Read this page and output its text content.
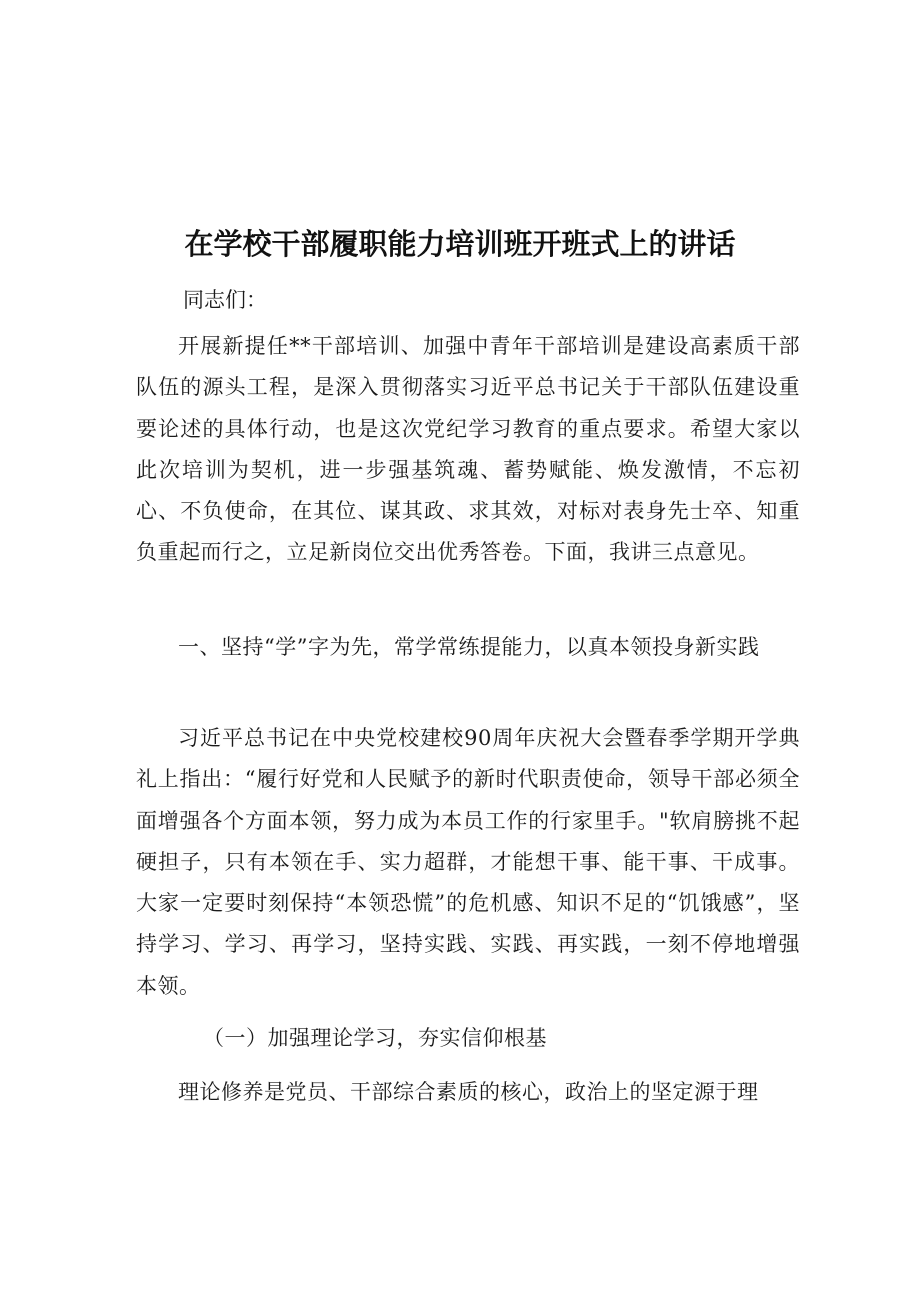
在学校干部履职能力培训班开班式上的讲话
同志们：
开展新提任**干部培训、加强中青年干部培训是建设高素质干部队伍的源头工程，是深入贯彻落实习近平总书记关于干部队伍建设重要论述的具体行动，也是这次党纪学习教育的重点要求。希望大家以此次培训为契机，进一步强基筑魂、蓄势赋能、焕发激情，不忘初心、不负使命，在其位、谋其政、求其效，对标对表身先士卒、知重负重起而行之，立足新岗位交出优秀答卷。下面，我讲三点意见。
一、坚持“学”字为先，常学常练提能力，以真本领投身新实践
习近平总书记在中央党校建校90周年庆祝大会暨春季学期开学典礼上指出：“履行好党和人民赋予的新时代职责使命，领导干部必须全面增强各个方面本领，努力成为本员工作的行家里手。"软肩膀挑不起硬担子，只有本领在手、实力超群，才能想干事、能干事、干成事。大家一定要时刻保持“本领恐慌”的危机感、知识不足的“饥饿感”，坚持学习、学习、再学习，坚持实践、实践、再实践，一刻不停地增强本领。
（一）加强理论学习，夯实信仰根基
理论修养是党员、干部综合素质的核心，政治上的坚定源于理
